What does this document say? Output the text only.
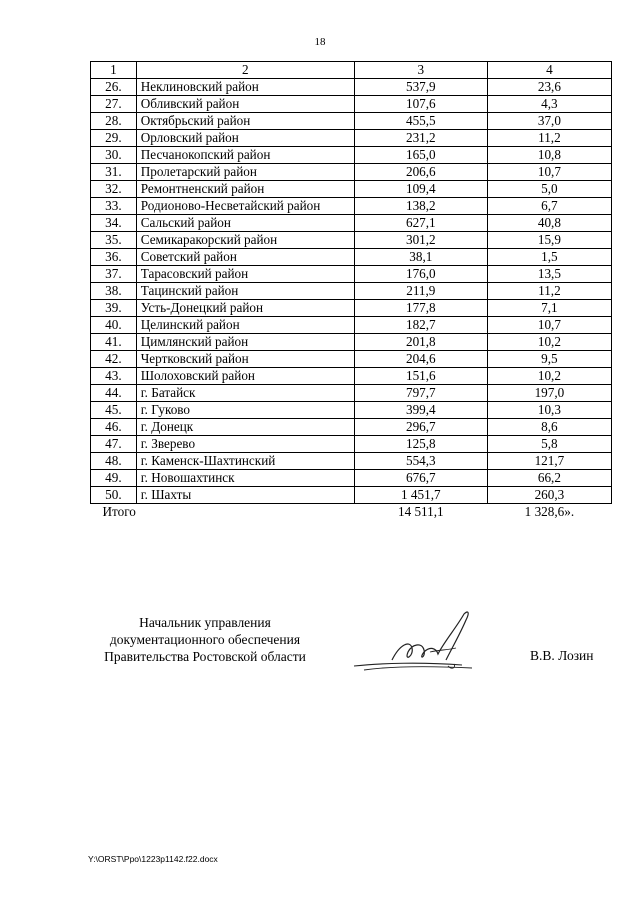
18
1	2	3	4
26.	Неклиновский район	537,9	23,6
27.	Обливский район	107,6	4,3
28.	Октябрьский район	455,5	37,0
29.	Орловский район	231,2	11,2
30.	Песчанокопский район	165,0	10,8
31.	Пролетарский район	206,6	10,7
32.	Ремонтненский район	109,4	5,0
33.	Родионово-Несветайский район	138,2	6,7
34.	Сальский район	627,1	40,8
35.	Семикаракорский район	301,2	15,9
36.	Советский район	38,1	1,5
37.	Тарасовский район	176,0	13,5
38.	Тацинский район	211,9	11,2
39.	Усть-Донецкий район	177,8	7,1
40.	Целинский район	182,7	10,7
41.	Цимлянский район	201,8	10,2
42.	Чертковский район	204,6	9,5
43.	Шолоховский район	151,6	10,2
44.	г. Батайск	797,7	197,0
45.	г. Гуково	399,4	10,3
46.	г. Донецк	296,7	8,6
47.	г. Зверево	125,8	5,8
48.	г. Каменск-Шахтинский	554,3	121,7
49.	г. Новошахтинск	676,7	66,2
50.	г. Шахты	1 451,7	260,3
Итого		14 511,1	1 328,6».
Начальник управления
документационного обеспечения
Правительства Ростовской области	В.В. Лозин
Y:\ORST\Ppo\1223p1142.f22.docx
